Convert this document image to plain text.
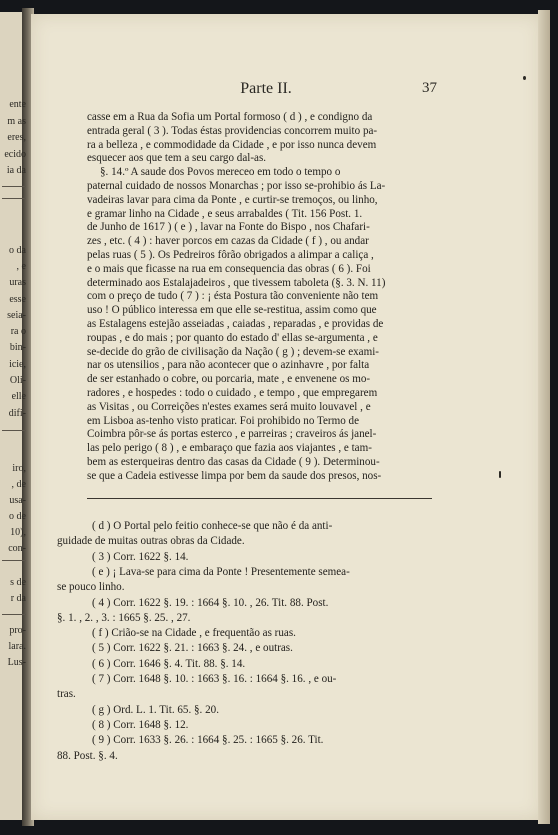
ente
m as
eres,
ecido
ia da
o da
, e
uras
esse
seia-
ra o
bin-
icie,
Oli-
elle
difi-
iro,
, de
usa-
o de
10),
con-
s de
r da
pro-
lara.
Lus-
Parte II.	37
casse em a Rua da Sofia um Portal formoso ( d ) , e condigno da
entrada geral ( 3 ). Todas éstas providencias concorrem muito pa-
ra a belleza , e commodidade da Cidade , e por isso nunca devem
esquecer aos que tem a seu cargo dal-as.
§. 14.º A saude dos Povos mereceo em todo o tempo o
paternal cuidado de nossos Monarchas ; por isso se-prohibio ás La-
vadeiras lavar para cima da Ponte , e curtir-se tremoços, ou linho,
e gramar linho na Cidade , e seus arrabaldes ( Tit. 156 Post. 1.
de Junho de 1617 ) ( e ) , lavar na Fonte do Bispo , nos Chafari-
zes , etc. ( 4 ) : haver porcos em cazas da Cidade ( f ) , ou andar
pelas ruas ( 5 ). Os Pedreiros fôrão obrigados a alimpar a caliça ,
e o mais que ficasse na rua em consequencia das obras ( 6 ). Foi
determinado aos Estalajadeiros , que tivessem taboleta (§. 3. N. 11)
com o preço de tudo ( 7 ) : ¡ ésta Postura tão conveniente não tem
uso ! O público interessa em que elle se-restitua, assim como que
as Estalagens estejão asseiadas , caiadas , reparadas , e providas de
roupas , e do mais ; por quanto do estado d' ellas se-argumenta , e
se-decide do grão de civilisação da Nação ( g ) ; devem-se exami-
nar os utensilios , para não acontecer que o azinhavre , por falta
de ser estanhado o cobre, ou porcaria, mate , e envenene os mo-
radores , e hospedes : todo o cuidado , e tempo , que empregarem
as Visitas , ou Correições n'estes exames será muito louvavel , e
em Lisboa as-tenho visto praticar. Foi prohibido no Termo de
Coimbra pôr-se ás portas esterco , e parreiras ; craveiros ás janel-
las pelo perigo ( 8 ) , e embaraço que fazia aos viajantes , e tam-
bem as esterqueiras dentro das casas da Cidade ( 9 ). Determinou-
se que a Cadeia estivesse limpa por bem da saude dos presos, nos-
( d ) O Portal pelo feitio conhece-se que não é da anti-
guidade de muitas outras obras da Cidade.
( 3 ) Corr. 1622 §. 14.
( e ) ¡ Lava-se para cima da Ponte ! Presentemente semea-
se pouco linho.
( 4 ) Corr. 1622 §. 19. : 1664 §. 10. , 26. Tit. 88. Post.
§. 1. , 2. , 3. : 1665 §. 25. , 27.
( f ) Crião-se na Cidade , e frequentão as ruas.
( 5 ) Corr. 1622 §. 21. : 1663 §. 24. , e outras.
( 6 ) Corr. 1646 §. 4. Tit. 88. §. 14.
( 7 ) Corr. 1648 §. 10. : 1663 §. 16. : 1664 §. 16. , e ou-
tras.
( g ) Ord. L. 1. Tit. 65. §. 20.
( 8 ) Corr. 1648 §. 12.
( 9 ) Corr. 1633 §. 26. : 1664 §. 25. : 1665 §. 26. Tit.
88. Post. §. 4.
